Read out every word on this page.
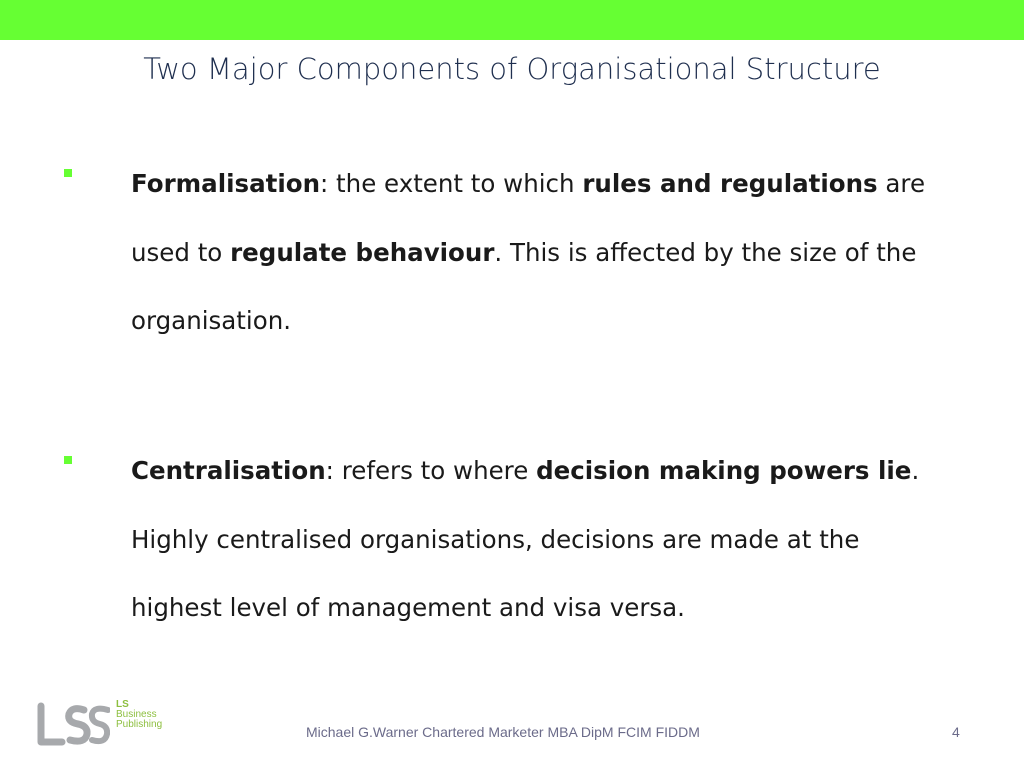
Two Major Components of Organisational Structure
Formalisation: the extent to which rules and regulations are used to regulate behaviour. This is affected by the size of the organisation.
Centralisation: refers to where decision making powers lie. Highly centralised organisations, decisions are made at the highest level of management and visa versa.
LS
Business
Publishing	Michael G.Warner Chartered Marketer MBA DipM FCIM FIDDM	4
